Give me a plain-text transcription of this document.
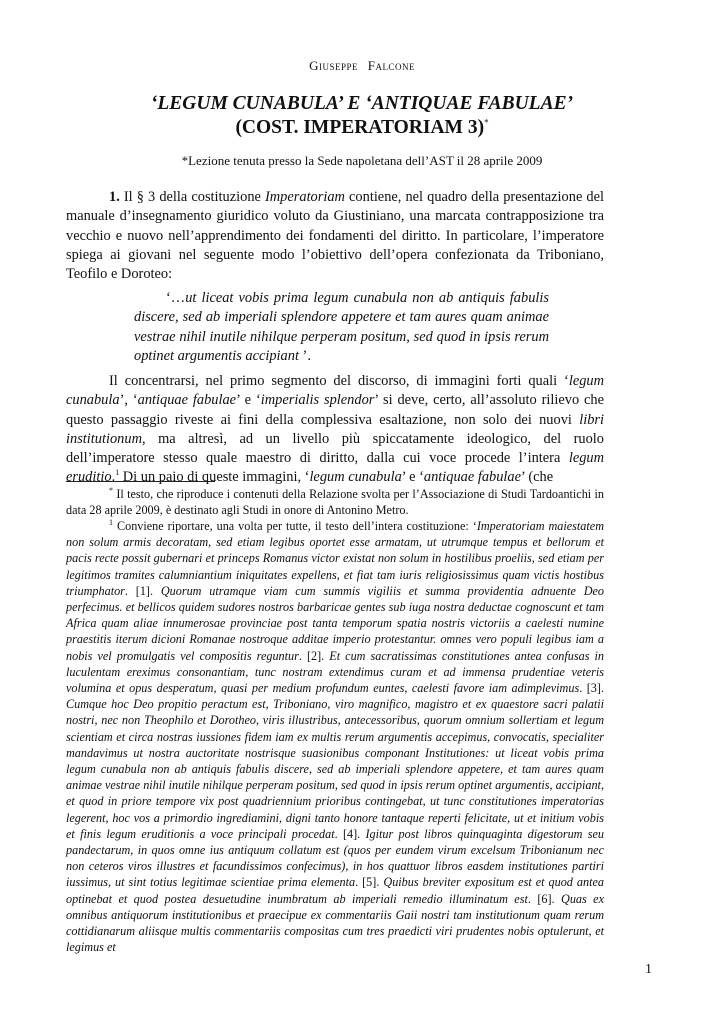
Giuseppe Falcone
‘LEGUM CUNABULA’ E ‘ANTIQUAE FABULAE’
(COST. IMPERATORIAM 3)*
*Lezione tenuta presso la Sede napoletana dell’AST il 28 aprile 2009

1. Il § 3 della costituzione Imperatoriam contiene, nel quadro della presentazione del manuale d’insegnamento giuridico voluto da Giustiniano, una marcata contrapposizione tra vecchio e nuovo nell’apprendimento dei fondamenti del diritto. In particolare, l’imperatore spiega ai giovani nel seguente modo l’obiettivo dell’opera confezionata da Triboniano, Teofilo e Doroteo:

‘…ut liceat vobis prima legum cunabula non ab antiquis fabulis discere, sed ab imperiali splendore appetere et tam aures quam animae vestrae nihil inutile nihilque perperam positum, sed quod in ipsis rerum optinet argumentis accipiant ’.

Il concentrarsi, nel primo segmento del discorso, di immagini forti quali ‘legum cunabula’, ‘antiquae fabulae’ e ‘imperialis splendor’ si deve, certo, all’assoluto rilievo che questo passaggio riveste ai fini della complessiva esaltazione, non solo dei nuovi libri institutionum, ma altresì, ad un livello più spiccatamente ideologico, del ruolo dell’imperatore stesso quale maestro di diritto, dalla cui voce procede l’intera legum eruditio.$^1$ Di un paio di queste immagini, ‘legum cunabula’ e ‘antiquae fabulae’ (che

* Il testo, che riproduce i contenuti della Relazione svolta per l’Associazione di Studi Tardoantichi in data 28 aprile 2009, è destinato agli Studi in onore di Antonino Metro.

$^1$ Conviene riportare, una volta per tutte, il testo dell’intera costituzione: ‘Imperatoriam maiestatem non solum armis decoratam, sed etiam legibus oportet esse armatam, ut utrumque tempus et bellorum et pacis recte possit gubernari et princeps Romanus victor existat non solum in hostilibus proeliis, sed etiam per legitimos tramites calumniantium iniquitates expellens, et fiat tam iuris religiosissimus quam victis hostibus triumphator. [1]. Quorum utramque viam cum summis vigiliis et summa providentia adnuente Deo perfecimus. et bellicos quidem sudores nostros barbaricae gentes sub iuga nostra deductae cognoscunt et tam Africa quam aliae innumerosae provinciae post tanta temporum spatia nostris victoriis a caelesti numine praestitis iterum dicioni Romanae nostroque additae imperio protestantur. omnes vero populi legibus iam a nobis vel promulgatis vel compositis reguntur. [2]. Et cum sacratissimas constitutiones antea confusas in luculentam ereximus consonantiam, tunc nostram extendimus curam et ad immensa prudentiae veteris volumina et opus desperatum, quasi per medium profundum euntes, caelesti favore iam adimplevimus. [3]. Cumque hoc Deo propitio peractum est, Triboniano, viro magnifico, magistro et ex quaestore sacri palatii nostri, nec non Theophilo et Dorotheo, viris illustribus, antecessoribus, quorum omnium sollertiam et legum scientiam et circa nostras iussiones fidem iam ex multis rerum argumentis accepimus, convocatis, specialiter mandavimus ut nostra auctoritate nostrisque suasionibus componant Institutiones: ut liceat vobis prima legum cunabula non ab antiquis fabulis discere, sed ab imperiali splendore appetere, et tam aures quam animae vestrae nihil inutile nihilque perperam positum, sed quod in ipsis rerum optinet argumentis, accipiant, et quod in priore tempore vix post quadriennium prioribus contingebat, ut tunc constitutiones imperatorias legerent, hoc vos a primordio ingrediamini, digni tanto honore tantaque reperti felicitate, ut et initium vobis et finis legum eruditionis a voce principali procedat. [4]. Igitur post libros quinquaginta digestorum seu pandectarum, in quos omne ius antiquum collatum est (quos per eundem virum excelsum Tribonianum nec non ceteros viros illustres et facundissimos confecimus), in hos quattuor libros easdem institutiones partiri iussimus, ut sint totius legitimae scientiae prima elementa. [5]. Quibus breviter expositum est et quod antea optinebat et quod postea desuetudine inumbratum ab imperiali remedio illuminatum est. [6]. Quas ex omnibus antiquorum institutionibus et praecipue ex commentariis Gaii nostri tam institutionum quam rerum cottidianarum aliisque multis commentariis compositas cum tres praedicti viri prudentes nobis optulerunt, et legimus et

1
